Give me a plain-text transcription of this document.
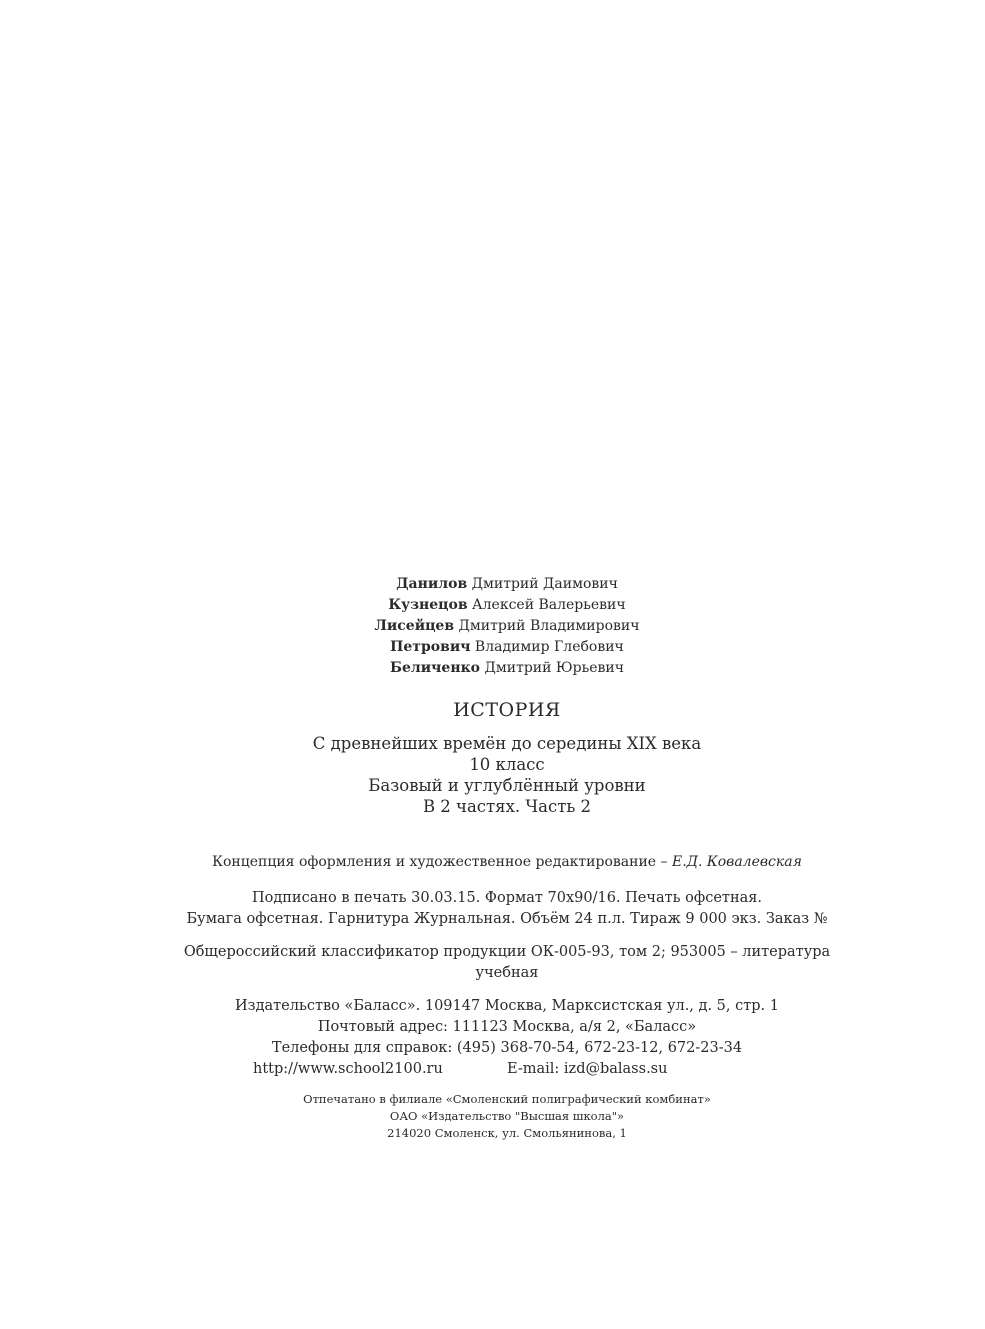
Данилов Дмитрий Даимович
Кузнецов Алексей Валерьевич
Лисейцев Дмитрий Владимирович
Петрович Владимир Глебович
Беличенко Дмитрий Юрьевич
ИСТОРИЯ
С древнейших времён до середины XIX века
10 класс
Базовый и углублённый уровни
В 2 частях. Часть 2
Концепция оформления и художественное редактирование – Е.Д. Ковалевская
Подписано в печать 30.03.15. Формат 70х90/16. Печать офсетная.
Бумага офсетная. Гарнитура Журнальная. Объём 24 п.л. Тираж 9 000 экз. Заказ №
Общероссийский классификатор продукции ОК-005-93, том 2; 953005 – литература
учебная
Издательство «Баласс». 109147 Москва, Марксистская ул., д. 5, стр. 1
Почтовый адрес: 111123 Москва, а/я 2, «Баласс»
Телефоны для справок: (495) 368-70-54, 672-23-12, 672-23-34
http://www.school2100.ru	E-mail: izd@balass.su
Отпечатано в филиале «Смоленский полиграфический комбинат»
ОАО «Издательство "Высшая школа"»
214020 Смоленск, ул. Смольянинова, 1
